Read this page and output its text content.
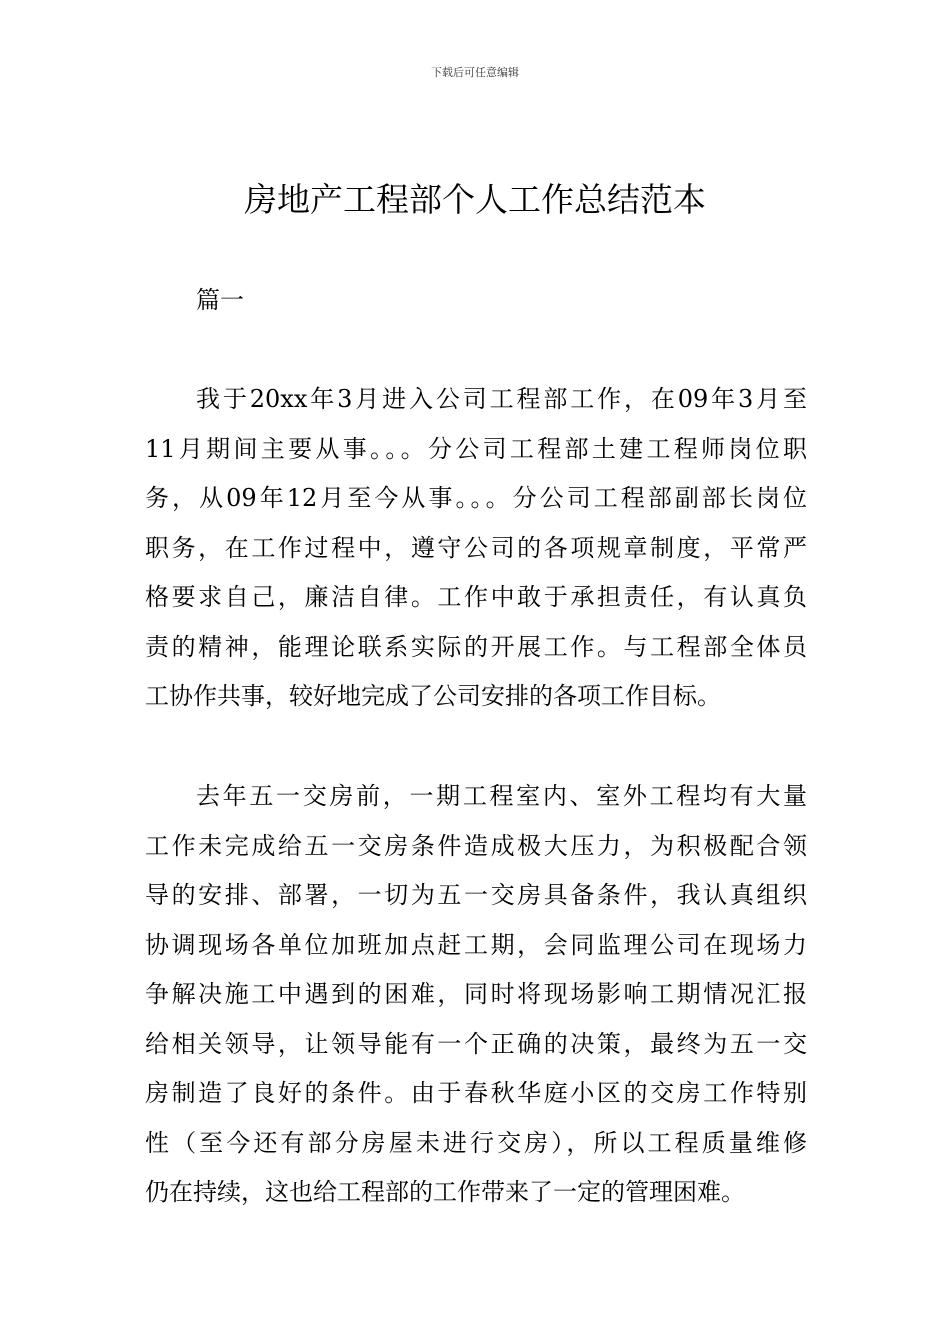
下载后可任意编辑
房地产工程部个人工作总结范本
篇一
我于20xx年3月进入公司工程部工作，在09年3月至
11月期间主要从事。。。分公司工程部土建工程师岗位职
务，从09年12月至今从事。。。分公司工程部副部长岗位
职务，在工作过程中，遵守公司的各项规章制度，平常严
格要求自己，廉洁自律。工作中敢于承担责任，有认真负
责的精神，能理论联系实际的开展工作。与工程部全体员
工协作共事，较好地完成了公司安排的各项工作目标。
去年五一交房前，一期工程室内、室外工程均有大量
工作未完成给五一交房条件造成极大压力，为积极配合领
导的安排、部署，一切为五一交房具备条件，我认真组织
协调现场各单位加班加点赶工期，会同监理公司在现场力
争解决施工中遇到的困难，同时将现场影响工期情况汇报
给相关领导，让领导能有一个正确的决策，最终为五一交
房制造了良好的条件。由于春秋华庭小区的交房工作特别
性（至今还有部分房屋未进行交房），所以工程质量维修
仍在持续，这也给工程部的工作带来了一定的管理困难。
